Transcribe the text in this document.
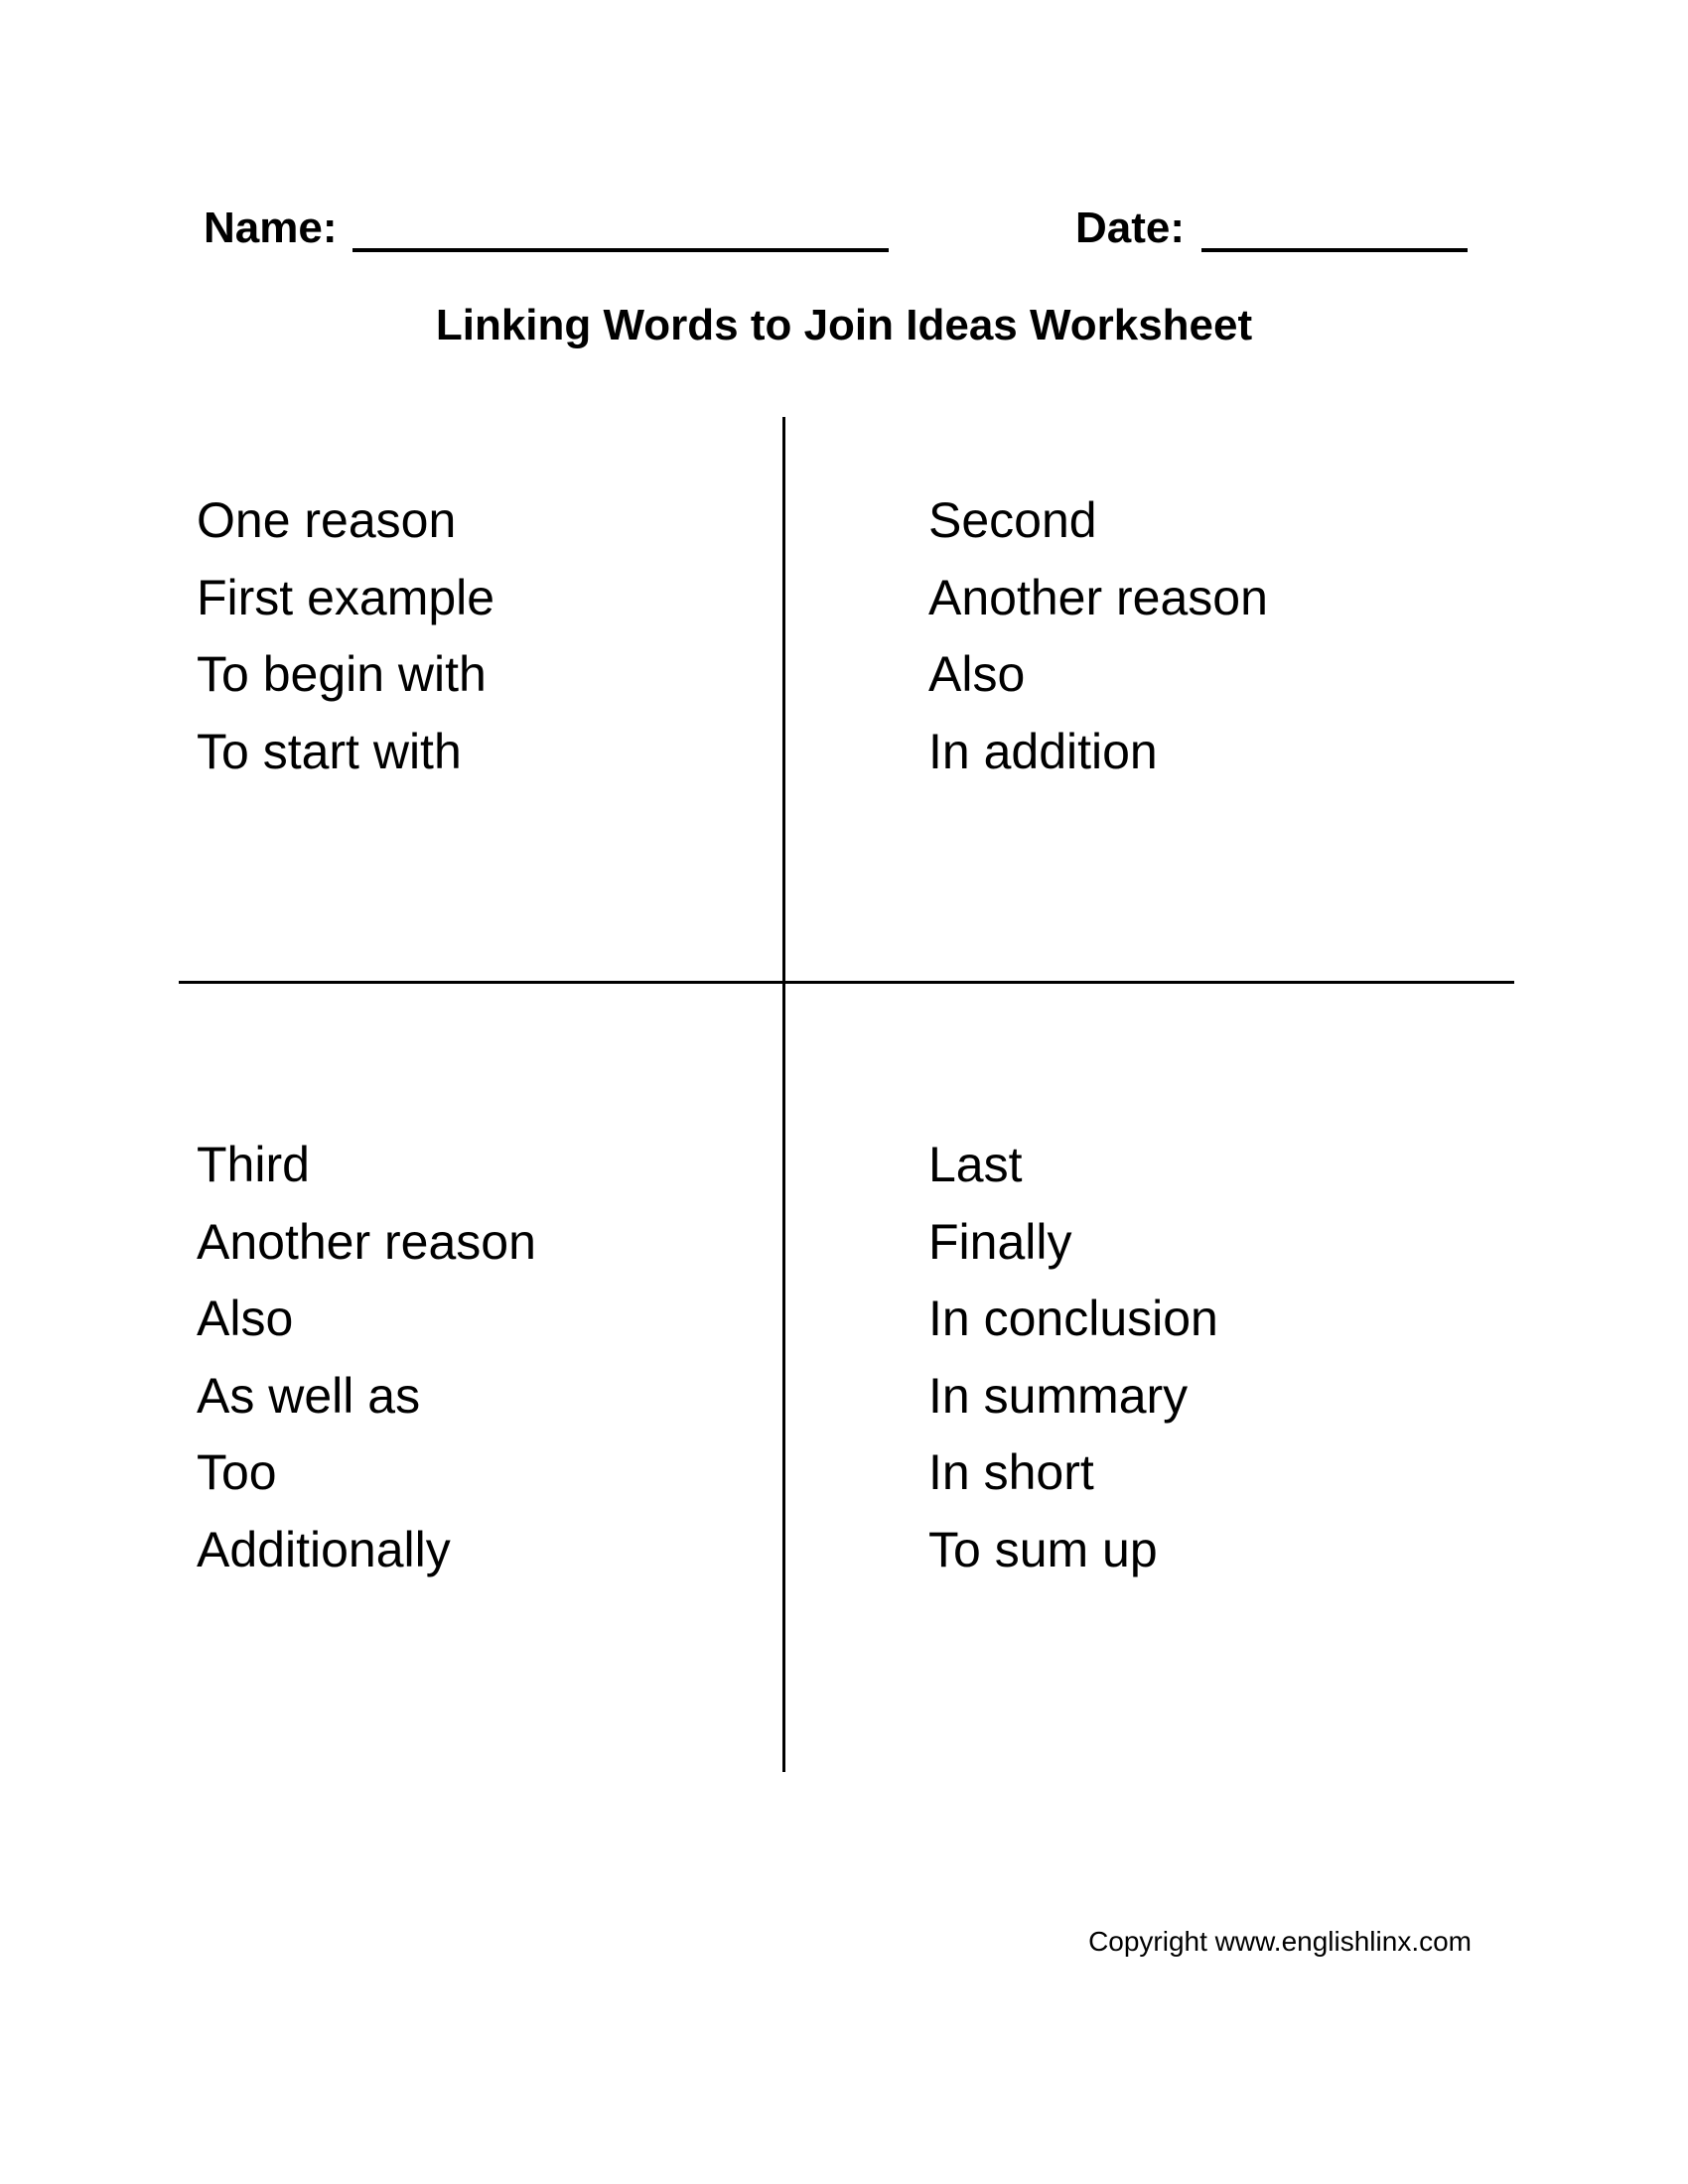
Name:	Date:
Linking Words to Join Ideas Worksheet
One reason
First example
To begin with
To start with
Second
Another reason
Also
In addition
Third
Another reason
Also
As well as
Too
Additionally
Last
Finally
In conclusion
In summary
In short
To sum up
Copyright www.englishlinx.com
